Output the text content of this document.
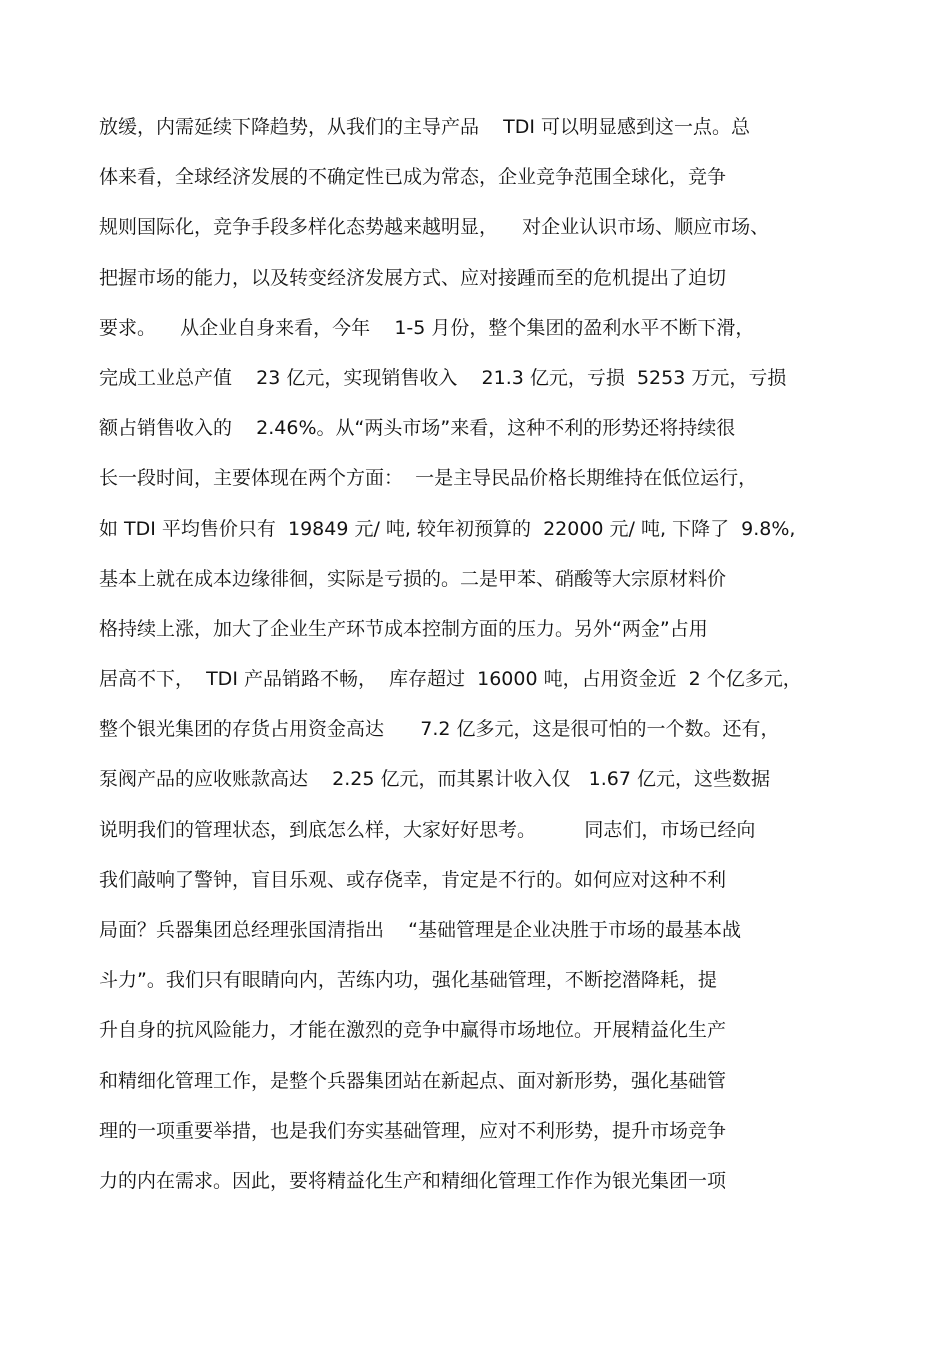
放缓，内需延续下降趋势，从我们的主导产品    TDI 可以明显感到这一点。总
体来看，全球经济发展的不确定性已成为常态，企业竞争范围全球化，竞争
规则国际化，竞争手段多样化态势越来越明显，    对企业认识市场、顺应市场、
把握市场的能力，以及转变经济发展方式、应对接踵而至的危机提出了迫切
要求。    从企业自身来看，今年    1-5 月份，整个集团的盈利水平不断下滑，
完成工业总产值    23 亿元，实现销售收入    21.3 亿元，亏损  5253 万元，亏损
额占销售收入的    2.46%。从“两头市场”来看，这种不利的形势还将持续很
长一段时间，主要体现在两个方面：  一是主导民品价格长期维持在低位运行，
如 TDI 平均售价只有  19849 元/ 吨, 较年初预算的  22000 元/ 吨, 下降了  9.8%,
基本上就在成本边缘徘徊，实际是亏损的。二是甲苯、硝酸等大宗原材料价
格持续上涨，加大了企业生产环节成本控制方面的压力。另外“两金”占用
居高不下，  TDI 产品销路不畅，  库存超过  16000 吨，占用资金近  2 个亿多元，
整个银光集团的存货占用资金高达      7.2 亿多元，这是很可怕的一个数。还有，
泵阀产品的应收账款高达    2.25 亿元，而其累计收入仅   1.67 亿元，这些数据
说明我们的管理状态，到底怎么样，大家好好思考。        同志们，市场已经向
我们敲响了警钟，盲目乐观、或存侥幸，肯定是不行的。如何应对这种不利
局面？兵器集团总经理张国清指出    “基础管理是企业决胜于市场的最基本战
斗力”。我们只有眼睛向内，苦练内功，强化基础管理，不断挖潜降耗，提
升自身的抗风险能力，才能在激烈的竞争中赢得市场地位。开展精益化生产
和精细化管理工作，是整个兵器集团站在新起点、面对新形势，强化基础管
理的一项重要举措，也是我们夯实基础管理，应对不利形势，提升市场竞争
力的内在需求。因此，要将精益化生产和精细化管理工作作为银光集团一项
